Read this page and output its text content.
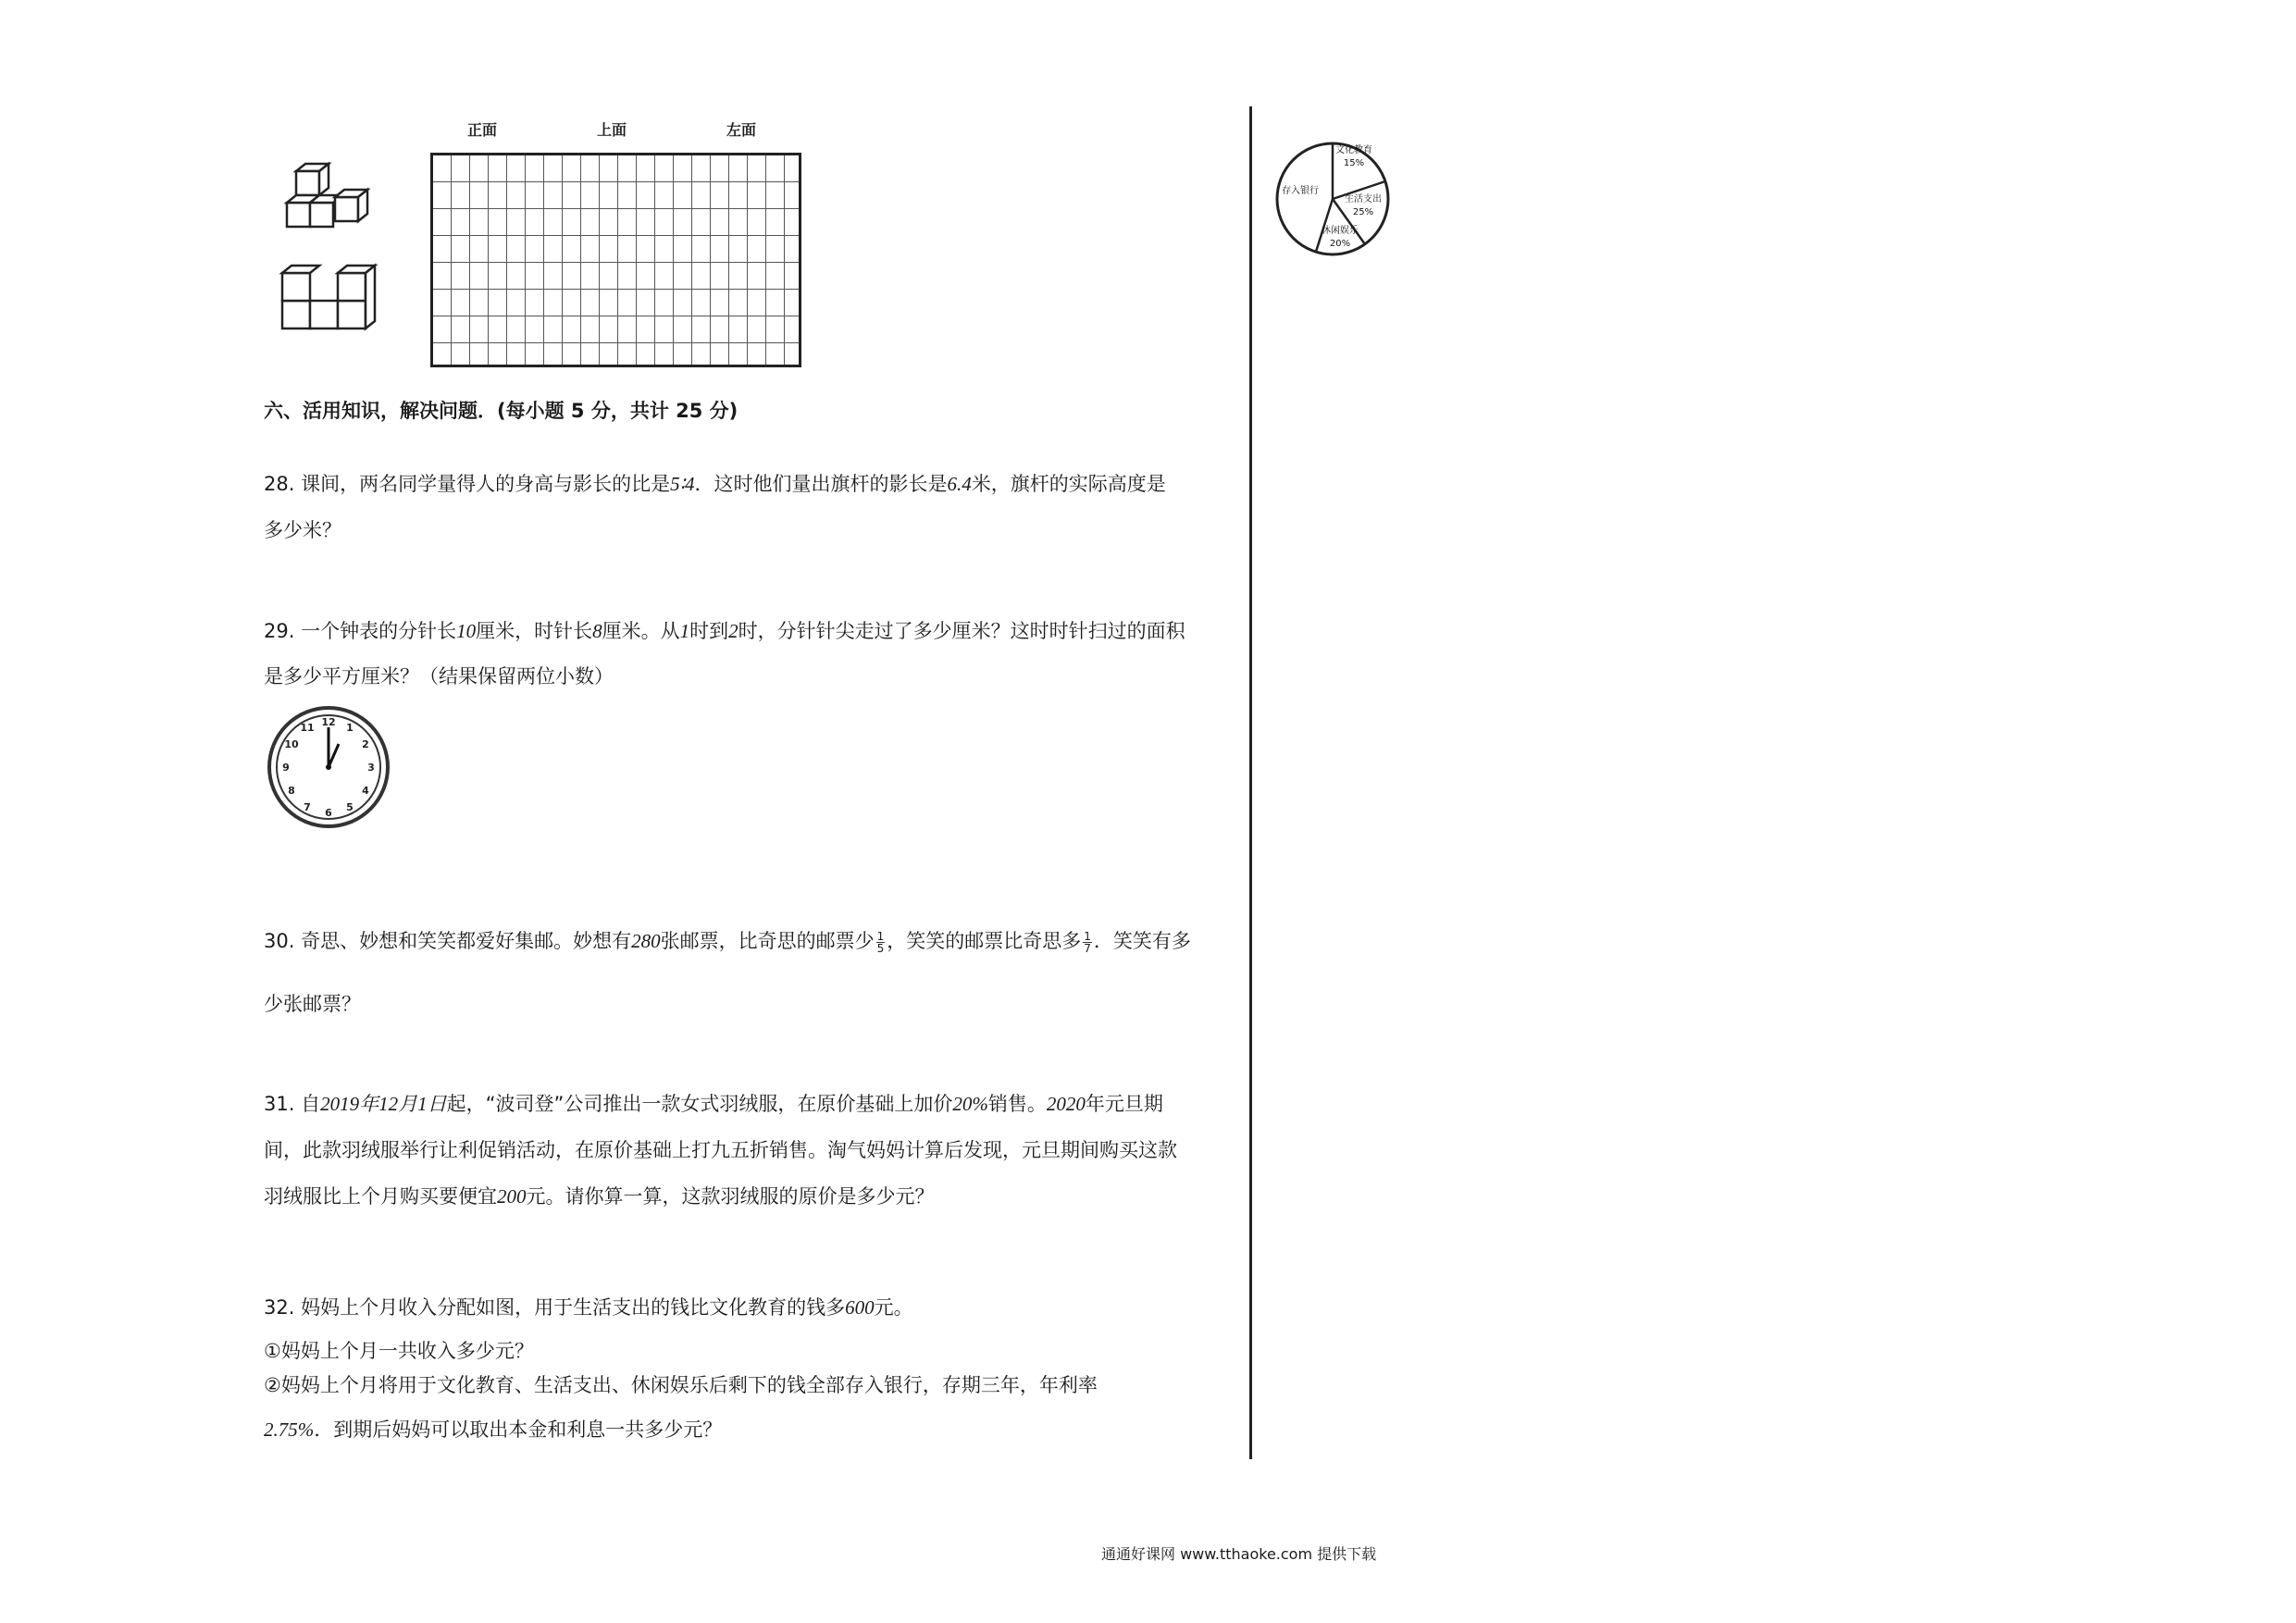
正面	上面	左面
六、活用知识，解决问题．(每小题 5 分，共计 25 分)
28. 课间，两名同学量得人的身高与影长的比是5∶4．这时他们量出旗杆的影长是6.4米，旗杆的实际高度是
多少米？
29. 一个钟表的分针长10厘米，时针长8厘米。从1时到2时，分针针尖走过了多少厘米？这时时针扫过的面积
是多少平方厘米？（结果保留两位小数）
12 1
2
3
4
5
6
7
8
9
10
11
30. 奇思、妙想和笑笑都爱好集邮。妙想有280张邮票，比奇思的邮票少 $\frac{1}{5}$ ，笑笑的邮票比奇思多 $\frac{1}{7}$ ．笑笑有多
少张邮票？
31. 自2019年12月1日起，“波司登”公司推出一款女式羽绒服，在原价基础上加价20%销售。2020年元旦期
间，此款羽绒服举行让利促销活动，在原价基础上打九五折销售。淘气妈妈计算后发现，元旦期间购买这款
羽绒服比上个月购买要便宜200元。请你算一算，这款羽绒服的原价是多少元？
32. 妈妈上个月收入分配如图，用于生活支出的钱比文化教育的钱多600元。
①妈妈上个月一共收入多少元？
②妈妈上个月将用于文化教育、生活支出、休闲娱乐后剩下的钱全部存入银行，存期三年，年利率
2.75%．到期后妈妈可以取出本金和利息一共多少元？
文化教育
15%
生活支出
25%
休闲娱乐
20%
存入银行
通通好课网 www.tthaoke.com 提供下载
